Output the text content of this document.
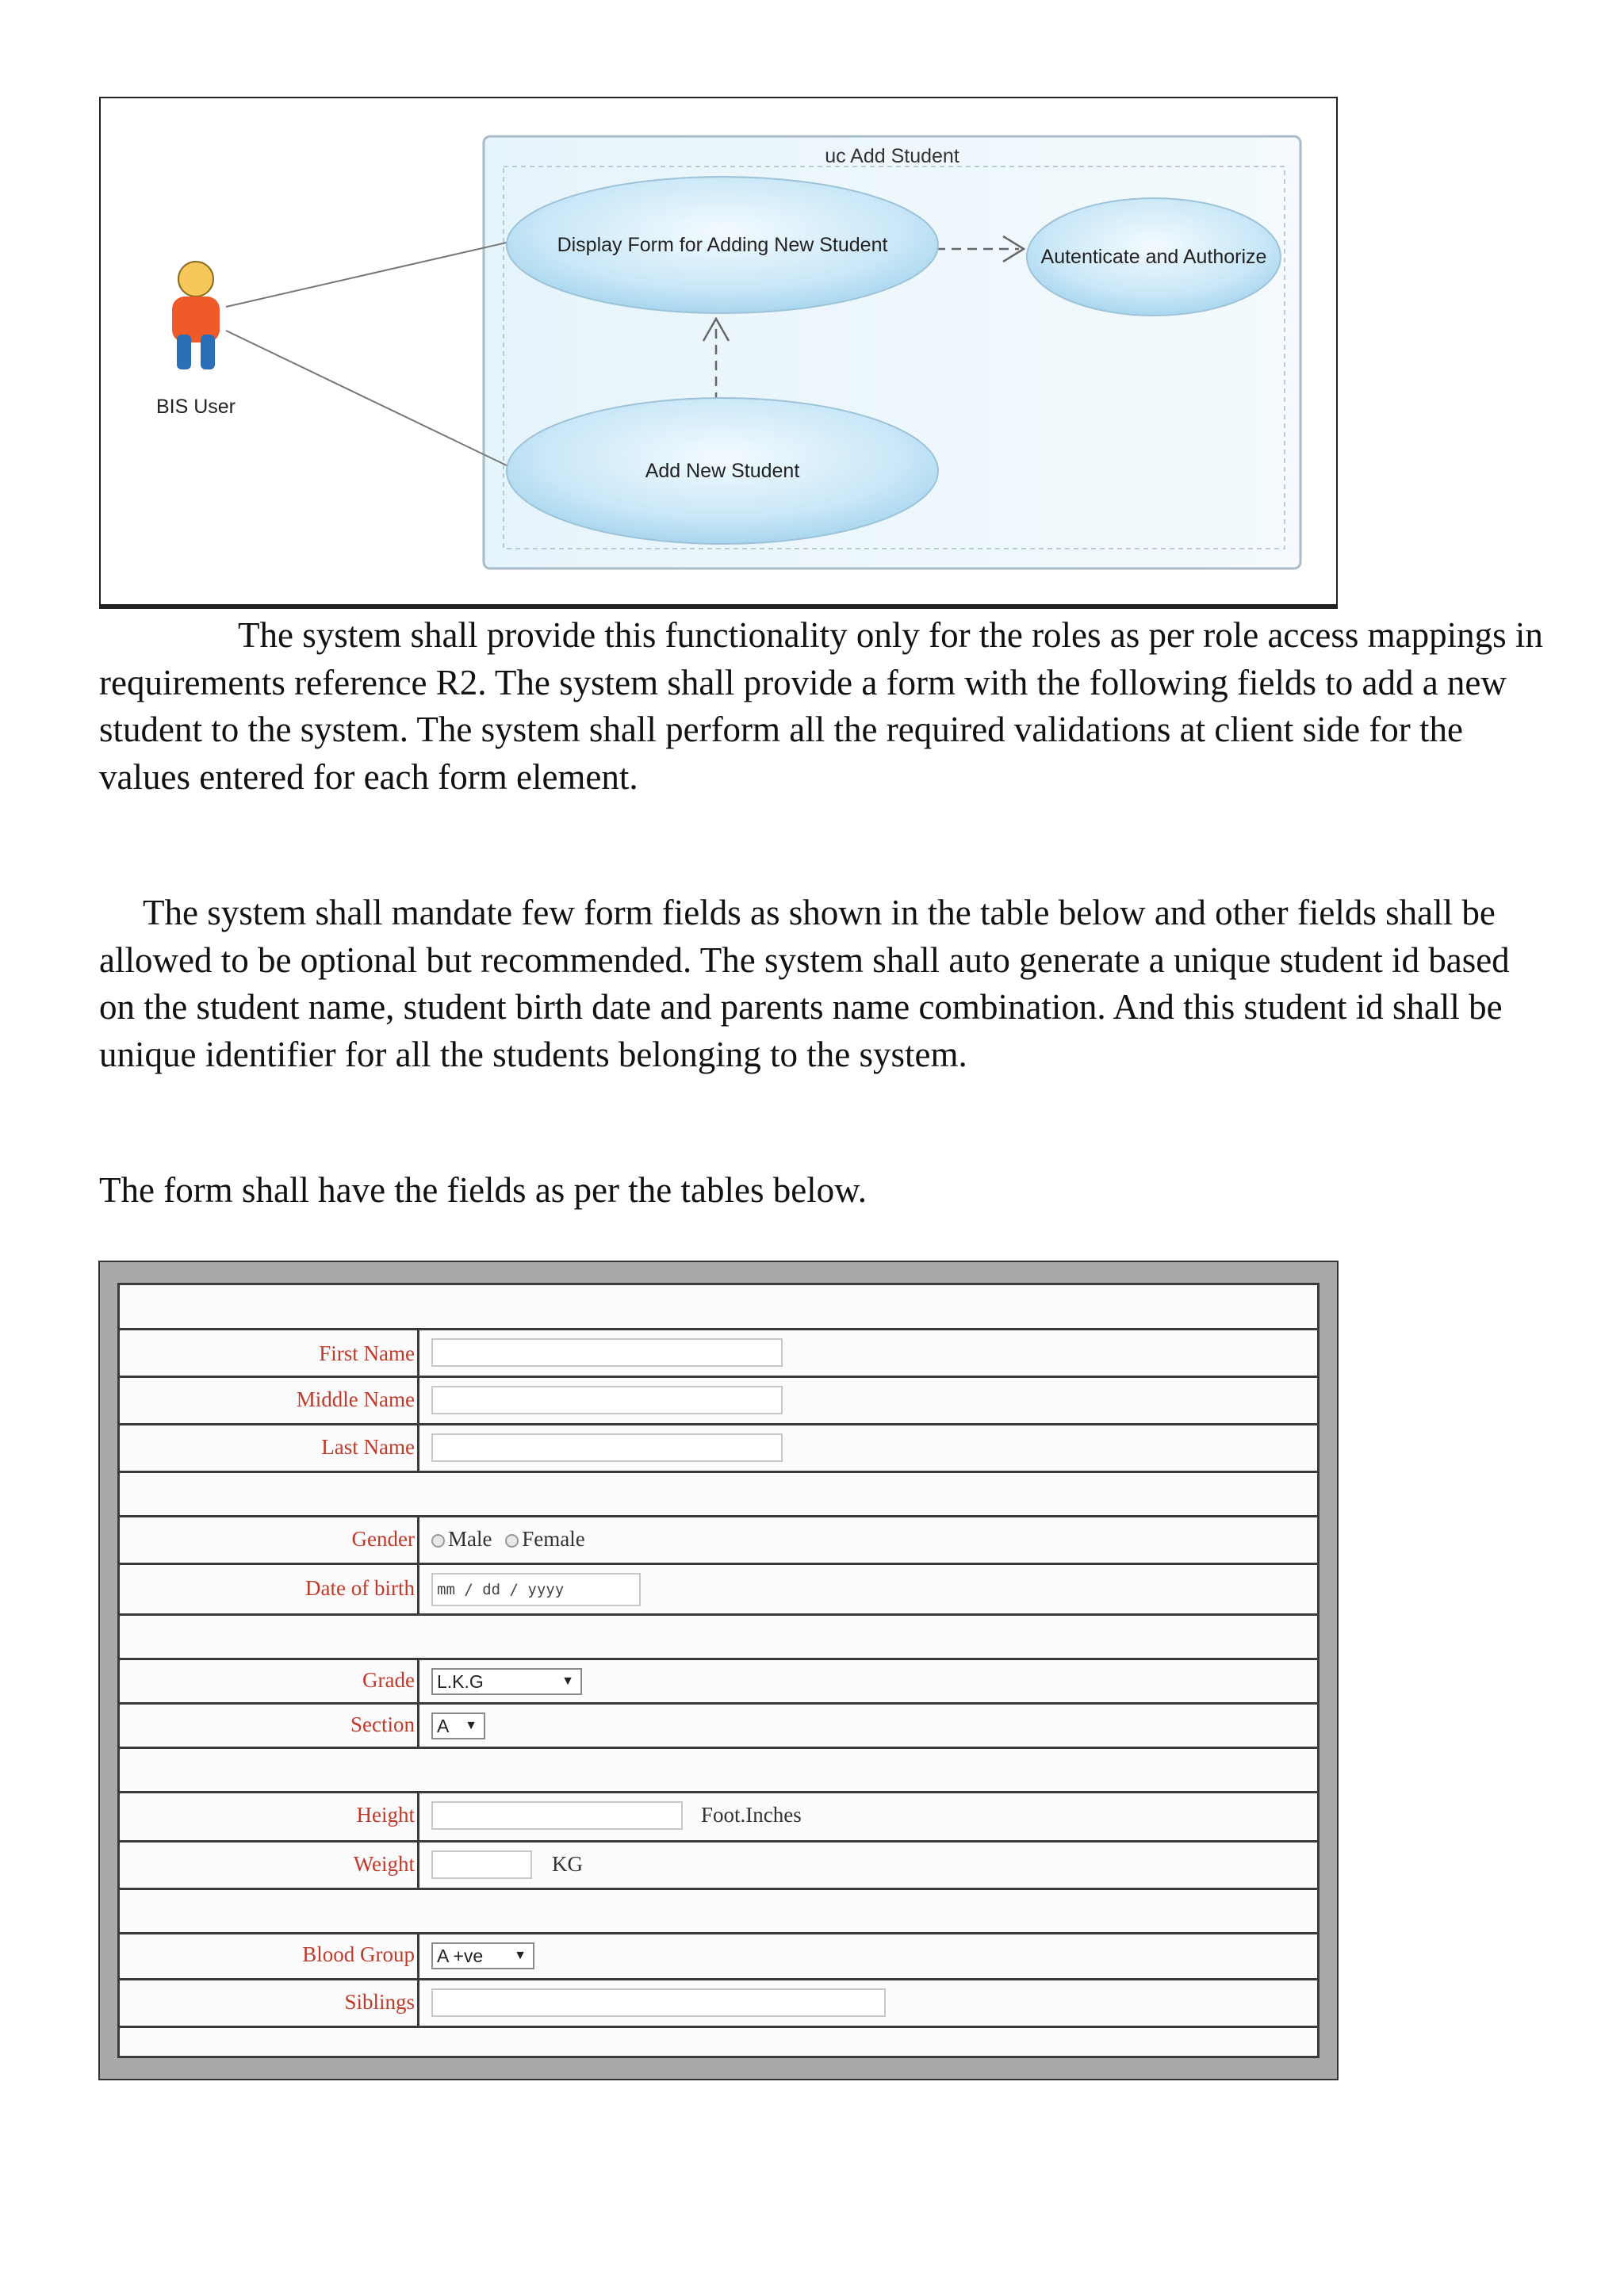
uc Add Student
Display Form for Adding New Student
Autenticate and Authorize
Add New Student
BIS User

The system shall provide this functionality only for the roles as per role access mappings in requirements reference R2. The system shall provide a form with the following fields to add a new student to the system. The system shall perform all the required validations at client side for the values entered for each form element.

The system shall mandate few form fields as shown in the table below and other fields shall be allowed to be optional but recommended. The system shall auto generate a unique student id based on the student name, student birth date and parents name combination. And this student id shall be unique identifier for all the students belonging to the system.

The form shall have the fields as per the tables below.

First Name
Middle Name
Last Name
Gender	Male Female
Date of birth	mm / dd / yyyy
Grade	L.K.G	▼
Section	A ▼
Height	Foot.Inches
Weight	KG
Blood Group	A +ve ▼
Siblings
